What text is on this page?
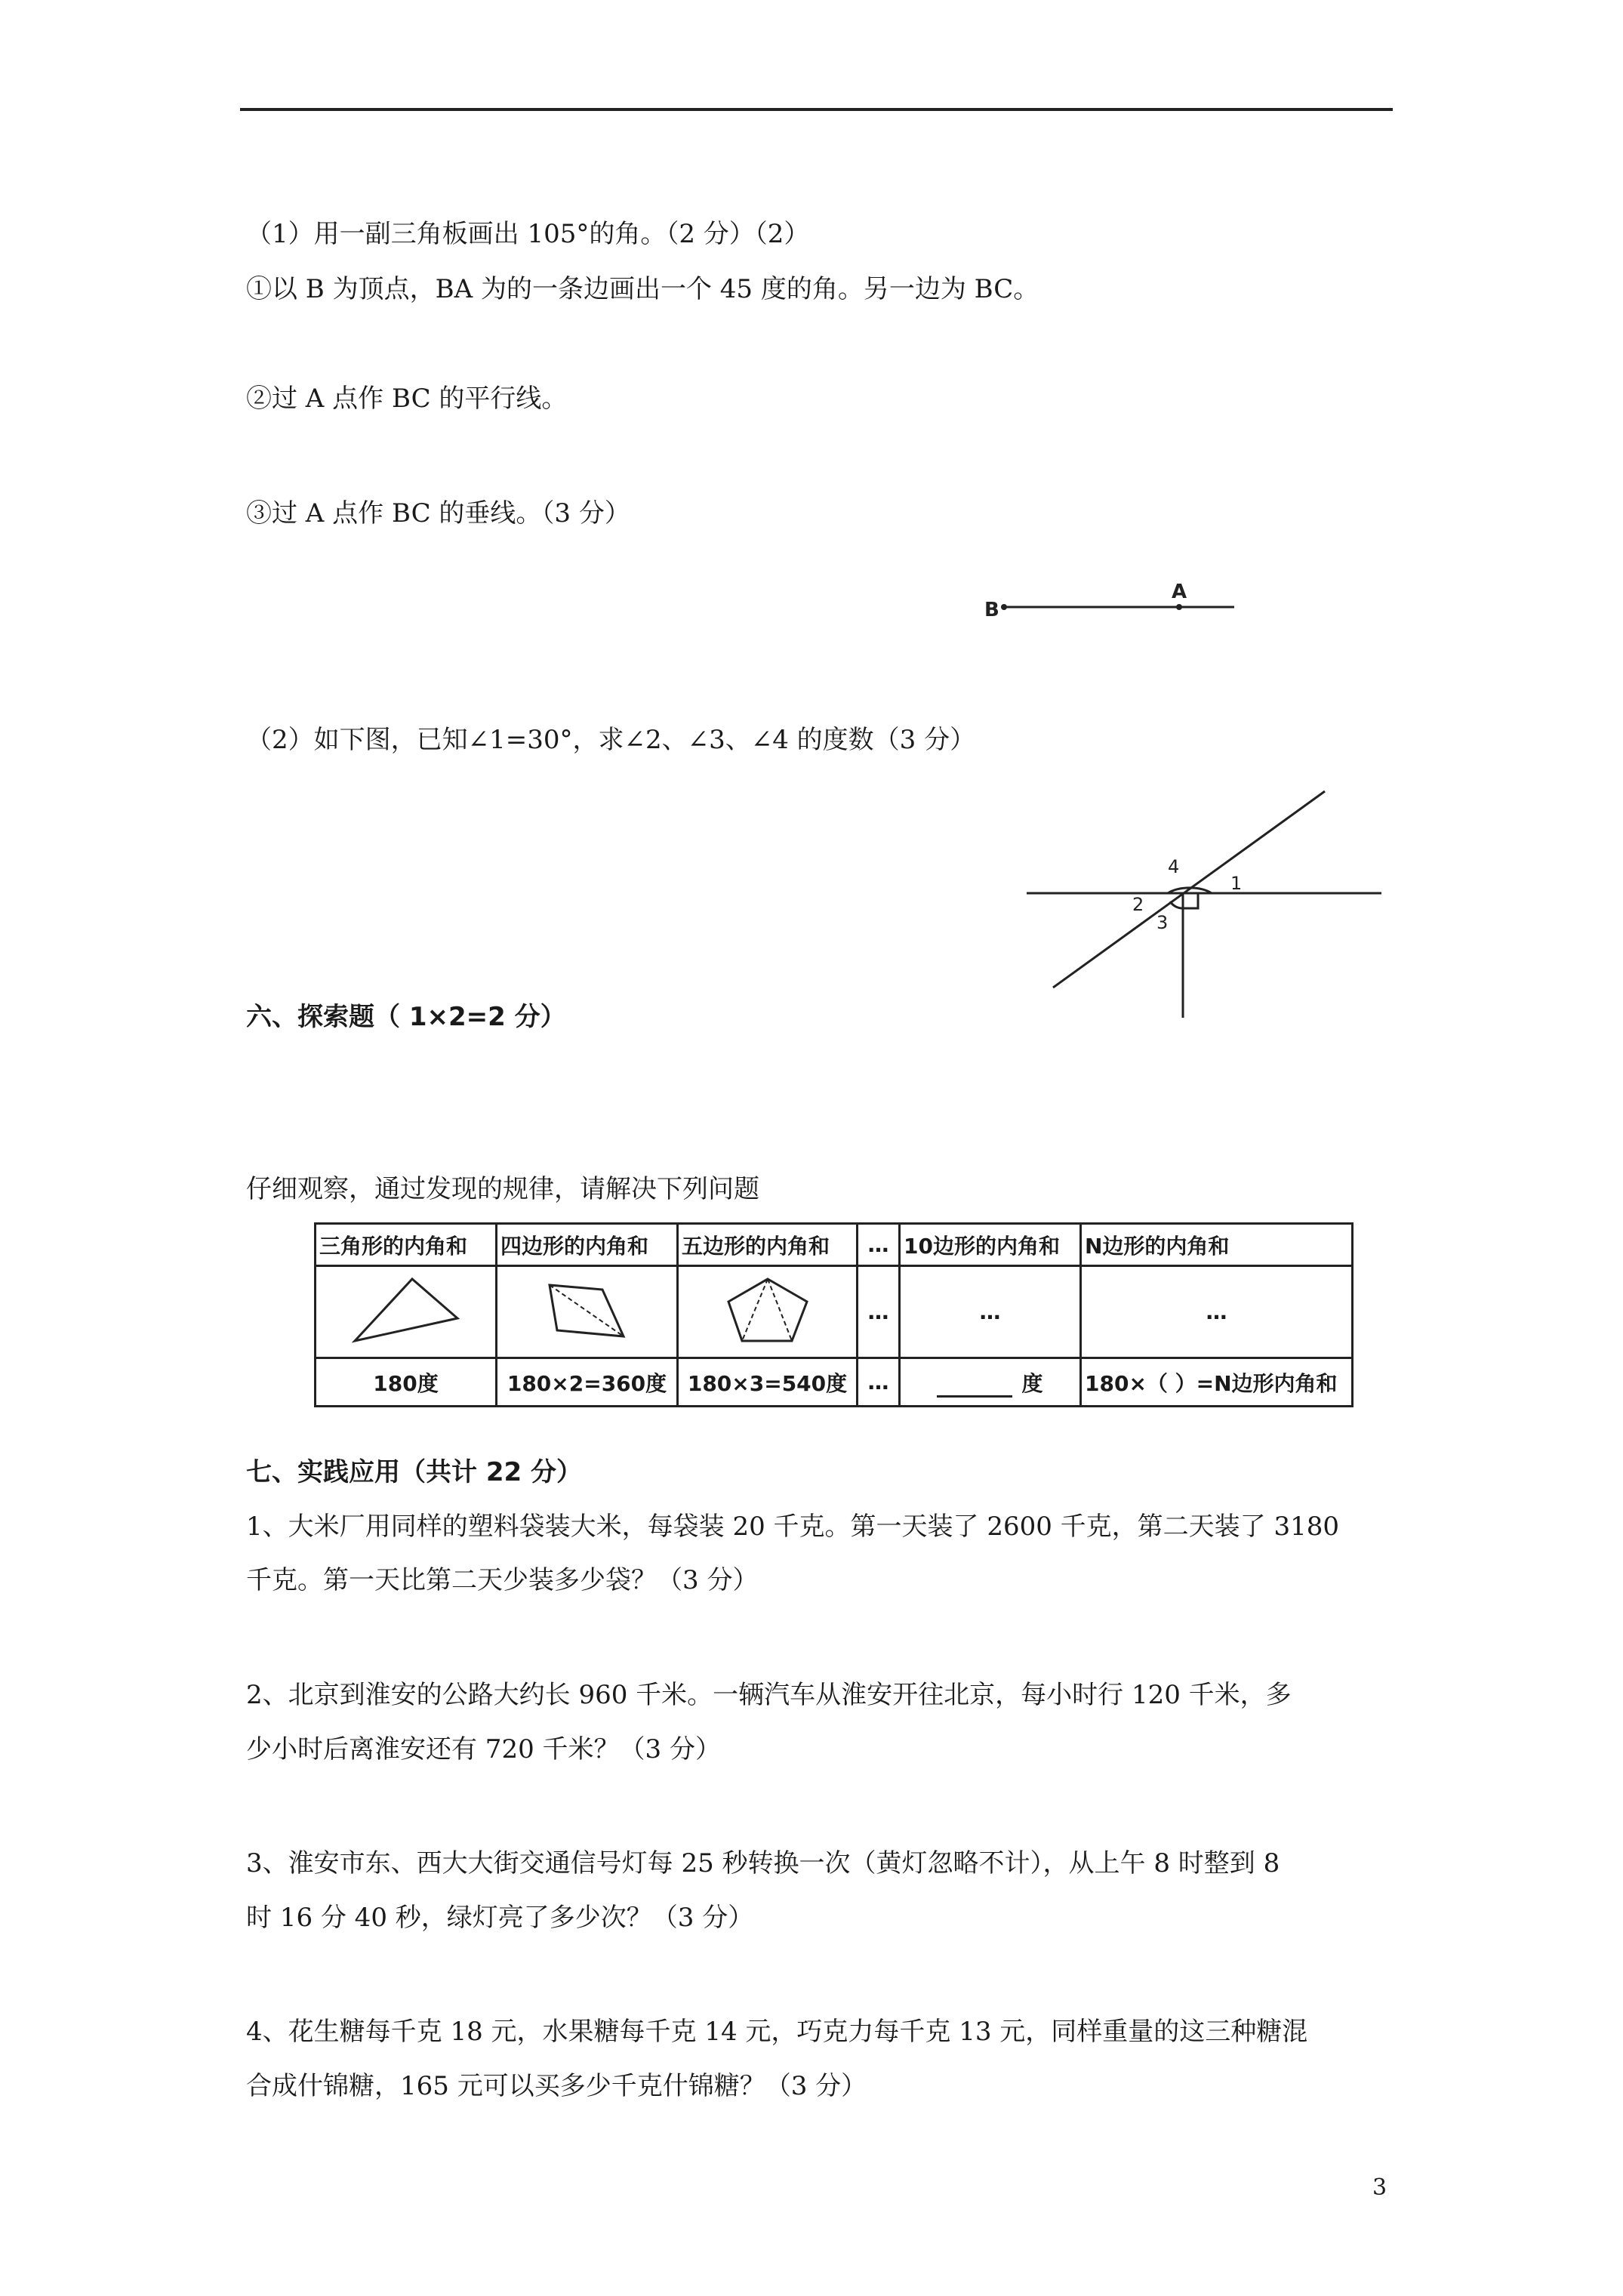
（1）用一副三角板画出 105°的角。（2 分）（2）
①以 B 为顶点，BA 为的一条边画出一个 45 度的角。另一边为 BC。
②过 A 点作 BC 的平行线。
③过 A 点作 BC 的垂线。（3 分）
B
A
（2）如下图，已知∠1=30°，求∠2、∠3、∠4 的度数（3 分）
1
2
3
4
六、探索题（ 1×2=2 分）
仔细观察，通过发现的规律，请解决下列问题
三角形的内角和	四边形的内角和	五边形的内角和	…	10边形的内角和	N边形的内角和
			…	…	…
180度	180×2=360度	180×3=540度	…	度	180×（ ）=N边形内角和
七、实践应用（共计 22 分）
1、大米厂用同样的塑料袋装大米，每袋装 20 千克。第一天装了 2600 千克，第二天装了 3180
千克。第一天比第二天少装多少袋？（3 分）
2、北京到淮安的公路大约长 960 千米。一辆汽车从淮安开往北京，每小时行 120 千米，多
少小时后离淮安还有 720 千米？（3 分）
3、淮安市东、西大大街交通信号灯每 25 秒转换一次（黄灯忽略不计），从上午 8 时整到 8
时 16 分 40 秒，绿灯亮了多少次？（3 分）
4、花生糖每千克 18 元，水果糖每千克 14 元，巧克力每千克 13 元，同样重量的这三种糖混
合成什锦糖，165 元可以买多少千克什锦糖？（3 分）
3
